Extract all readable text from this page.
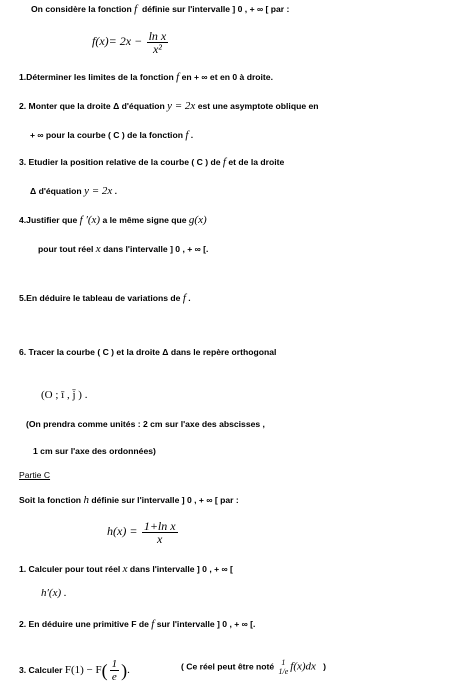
On considère la fonction f définie sur l'intervalle ] 0 , + ∞ [ par :
$f(x)= 2x - \frac{\text{ln x}}{\text{x²}}$
1.Déterminer les limites de la fonction f en + ∞ et en 0 à droite.
2. Monter que la droite Δ d'équation y = 2x est une asymptote oblique en
+ ∞ pour la courbe ( C ) de la fonction f .
3. Etudier la position relative de la courbe ( C ) de f et de la droite
Δ d'équation y = 2x .
4.Justifier que f ′(x) a le même signe que g(x)
pour tout réel x dans l'intervalle ] 0 , + ∞ [.
5.En déduire le tableau de variations de f .
6. Tracer la courbe ( C ) et la droite Δ dans le repère orthogonal
(O ; ī , j̄ ) .
(On prendra comme unités : 2 cm sur l'axe des abscisses ,
1 cm sur l'axe des ordonnées)
Partie C
Soit la fonction h définie sur l'intervalle ] 0 , + ∞ [ par :
$h(x) = \frac{\text{1+ln x}}{x}$
1. Calculer pour tout réel x dans l'intervalle ] 0 , + ∞ [
h′(x) .
2. En déduire une primitive F de f sur l'intervalle ] 0 , + ∞ [.
3. Calculer $F(1) - F( \frac{1}{e}$ ).	( Ce réel peut être noté 1
1/e f(x)dx )
